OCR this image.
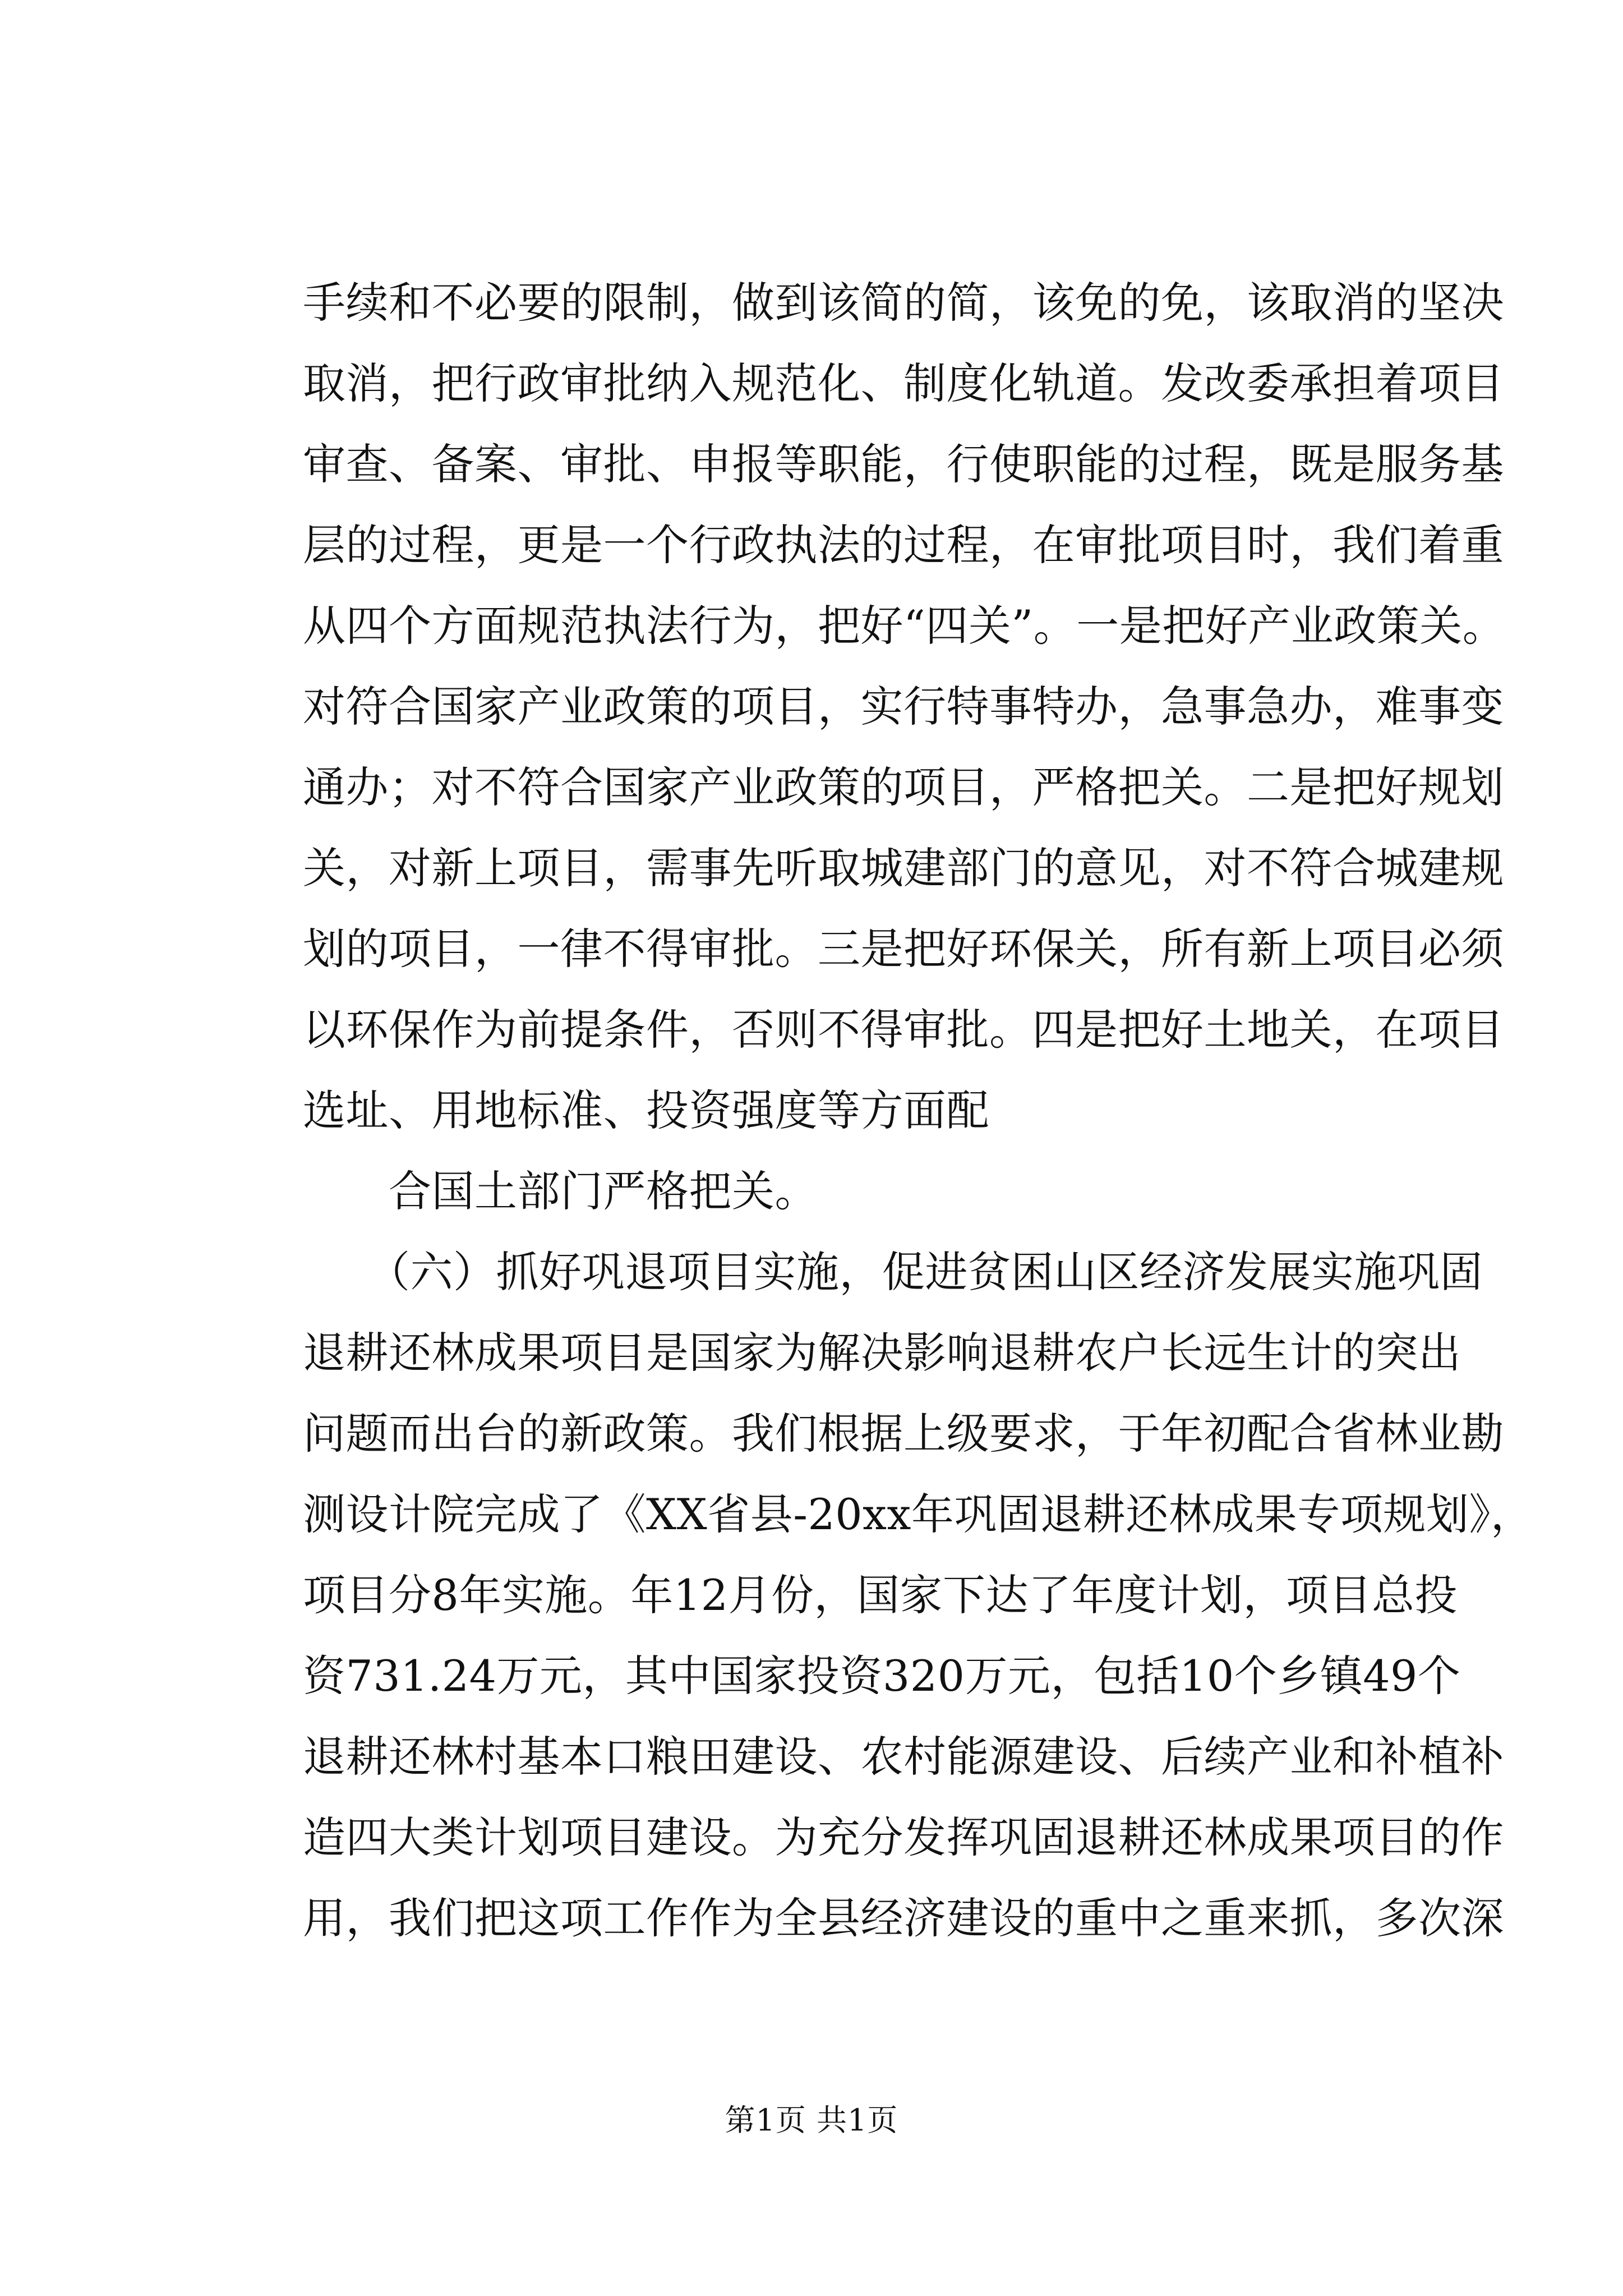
手续和不必要的限制，做到该简的简，该免的免，该取消的坚决
取消，把行政审批纳入规范化、制度化轨道。发改委承担着项目
审查、备案、审批、申报等职能，行使职能的过程，既是服务基
层的过程，更是一个行政执法的过程，在审批项目时，我们着重
从四个方面规范执法行为，把好“四关”。一是把好产业政策关。
对符合国家产业政策的项目，实行特事特办，急事急办，难事变
通办；对不符合国家产业政策的项目，严格把关。二是把好规划
关，对新上项目，需事先听取城建部门的意见，对不符合城建规
划的项目，一律不得审批。三是把好环保关，所有新上项目必须
以环保作为前提条件，否则不得审批。四是把好土地关，在项目
选址、用地标准、投资强度等方面配
　　合国土部门严格把关。
　　（六）抓好巩退项目实施，促进贫困山区经济发展实施巩固
退耕还林成果项目是国家为解决影响退耕农户长远生计的突出
问题而出台的新政策。我们根据上级要求，于年初配合省林业勘
测设计院完成了《XX省县-20xx年巩固退耕还林成果专项规划》，
项目分8年实施。年12月份，国家下达了年度计划，项目总投
资731.24万元，其中国家投资320万元，包括10个乡镇49个
退耕还林村基本口粮田建设、农村能源建设、后续产业和补植补
造四大类计划项目建设。为充分发挥巩固退耕还林成果项目的作
用，我们把这项工作作为全县经济建设的重中之重来抓，多次深
第1页 共1页
